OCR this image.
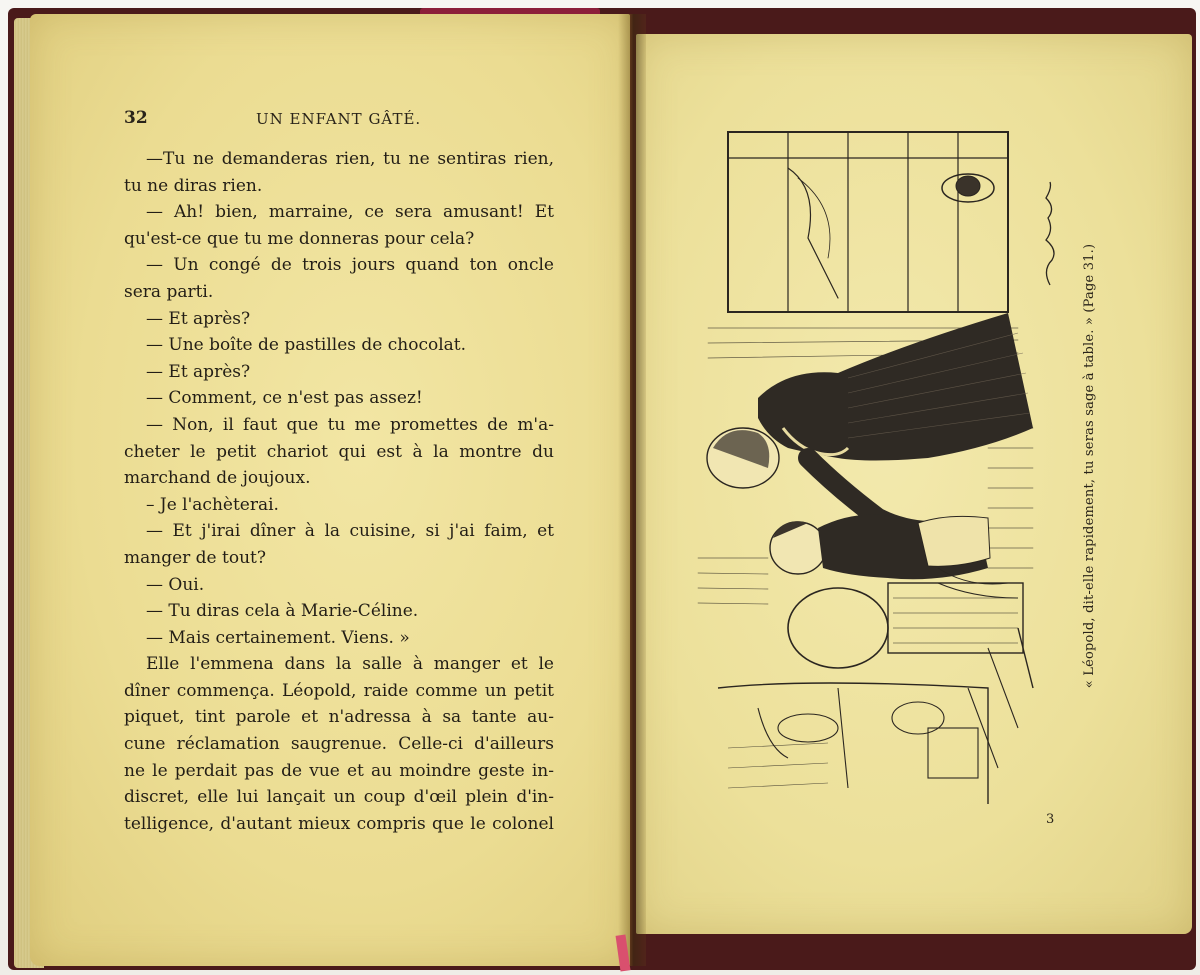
32	UN ENFANT GÂTÉ.
—Tu ne demanderas rien, tu ne sentiras rien,
tu ne diras rien.
— Ah! bien, marraine, ce sera amusant! Et
qu'est-ce que tu me donneras pour cela?
— Un congé de trois jours quand ton oncle
sera parti.
— Et après?
— Une boîte de pastilles de chocolat.
— Et après?
— Comment, ce n'est pas assez!
— Non, il faut que tu me promettes de m'a-
cheter le petit chariot qui est à la montre du
marchand de joujoux.
– Je l'achèterai.
— Et j'irai dîner à la cuisine, si j'ai faim, et
manger de tout?
— Oui.
— Tu diras cela à Marie-Céline.
— Mais certainement. Viens. »
Elle l'emmena dans la salle à manger et le
dîner commença. Léopold, raide comme un petit
piquet, tint parole et n'adressa à sa tante au-
cune réclamation saugrenue. Celle-ci d'ailleurs
ne le perdait pas de vue et au moindre geste in-
discret, elle lui lançait un coup d'œil plein d'in-
telligence, d'autant mieux compris que le colonel
« Léopold, dit-elle rapidement, tu seras sage à table. » (Page 31.)
3
